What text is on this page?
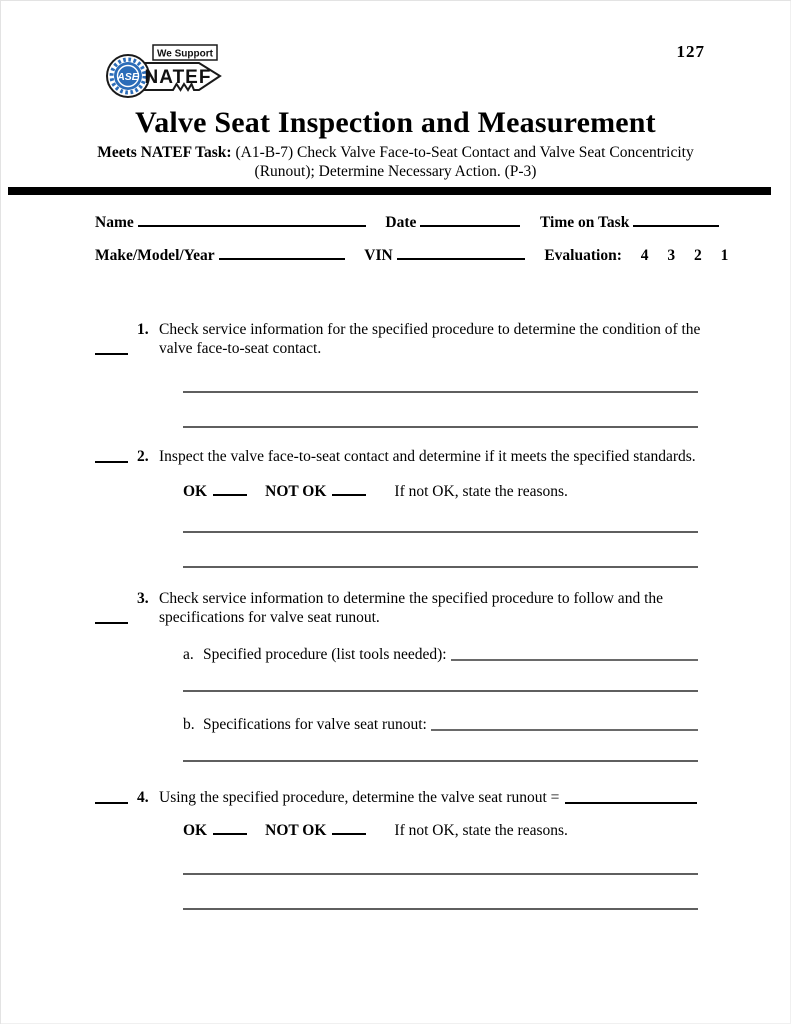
ASE
We Support
NATEF
127
Valve Seat Inspection and Measurement
Meets NATEF Task: (A1-B-7) Check Valve Face-to-Seat Contact and Valve Seat Concentricity
(Runout); Determine Necessary Action. (P-3)
Name	Date	Time on Task
Make/Model/Year	VIN	Evaluation: 4 3 2 1
1. Check service information for the specified procedure to determine the condition of the valve face-to-seat contact.
2. Inspect the valve face-to-seat contact and determine if it meets the specified standards.
OK	NOT OK	If not OK, state the reasons.
3. Check service information to determine the specified procedure to follow and the specifications for valve seat runout.
a. Specified procedure (list tools needed):
b. Specifications for valve seat runout:
4. Using the specified procedure, determine the valve seat runout =
OK	NOT OK	If not OK, state the reasons.
